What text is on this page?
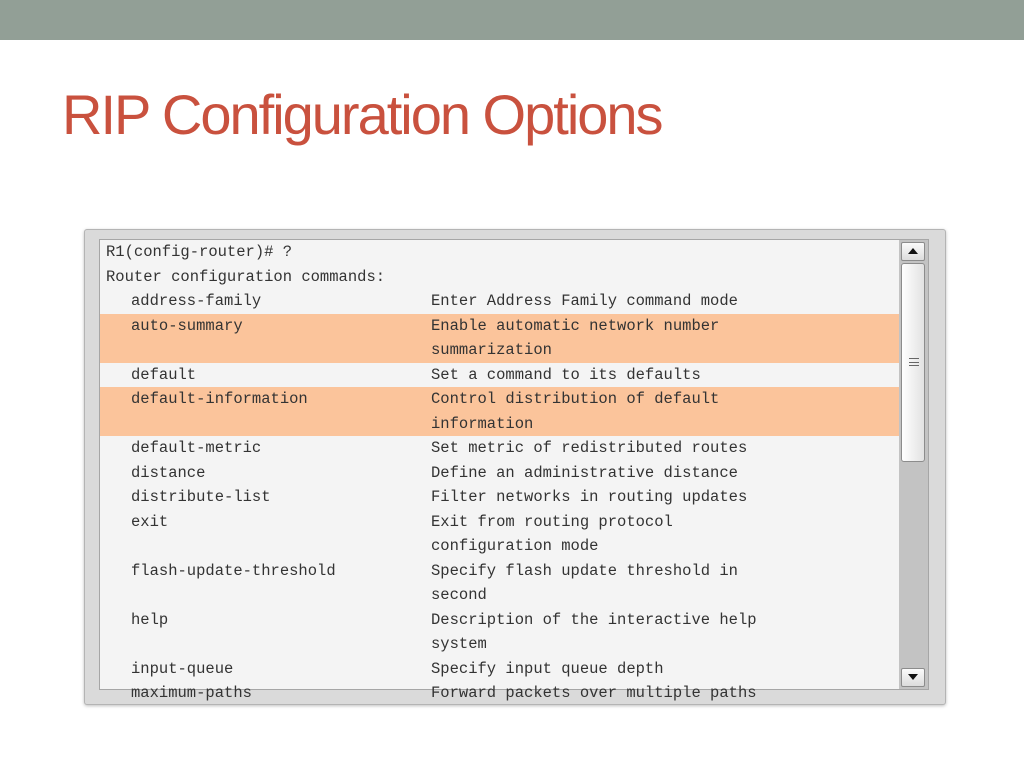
RIP Configuration Options
R1(config-router)# ?
Router configuration commands:
address-family	Enter Address Family command mode
auto-summary	Enable automatic network number
summarization
default	Set a command to its defaults
default-information	Control distribution of default
information
default-metric	Set metric of redistributed routes
distance	Define an administrative distance
distribute-list	Filter networks in routing updates
exit	Exit from routing protocol
configuration mode
flash-update-threshold	Specify flash update threshold in
second
help	Description of the interactive help
system
input-queue	Specify input queue depth
maximum-paths	Forward packets over multiple paths
